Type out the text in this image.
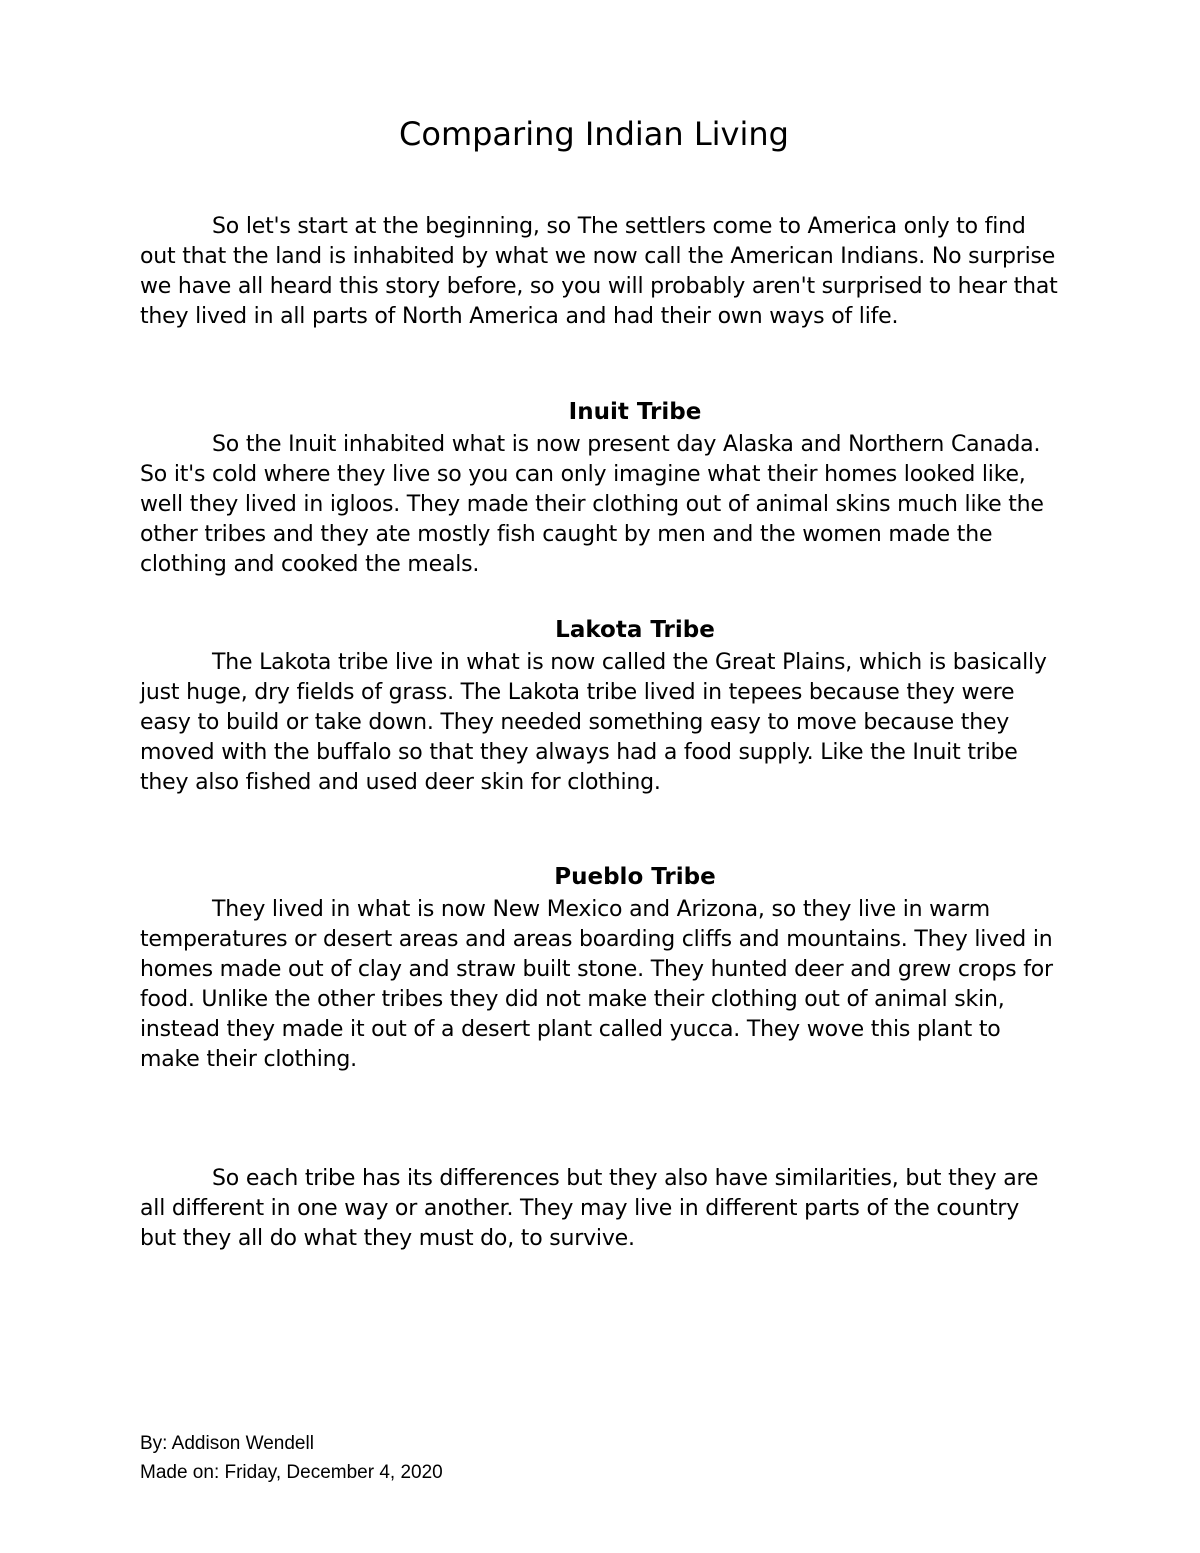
Comparing Indian Living

So let's start at the beginning, so The settlers come to America only to find out that the land is inhabited by what we now call the American Indians. No surprise we have all heard this story before, so you will probably aren't surprised to hear that they lived in all parts of North America and had their own ways of life.

Inuit Tribe

So the Inuit inhabited what is now present day Alaska and Northern Canada. So it's cold where they live so you can only imagine what their homes looked like, well they lived in igloos. They made their clothing out of animal skins much like the other tribes and they ate mostly fish caught by men and the women made the clothing and cooked the meals.

Lakota Tribe

The Lakota tribe live in what is now called the Great Plains, which is basically just huge, dry fields of grass. The Lakota tribe lived in tepees because they were easy to build or take down. They needed something easy to move because they moved with the buffalo so that they always had a food supply. Like the Inuit tribe they also fished and used deer skin for clothing.

Pueblo Tribe

They lived in what is now New Mexico and Arizona, so they live in warm temperatures or desert areas and areas boarding cliffs and mountains. They lived in homes made out of clay and straw built stone. They hunted deer and grew crops for food. Unlike the other tribes they did not make their clothing out of animal skin, instead they made it out of a desert plant called yucca. They wove this plant to make their clothing.

So each tribe has its differences but they also have similarities, but they are all different in one way or another. They may live in different parts of the country but they all do what they must do, to survive.

By: Addison Wendell
Made on: Friday, December 4, 2020
